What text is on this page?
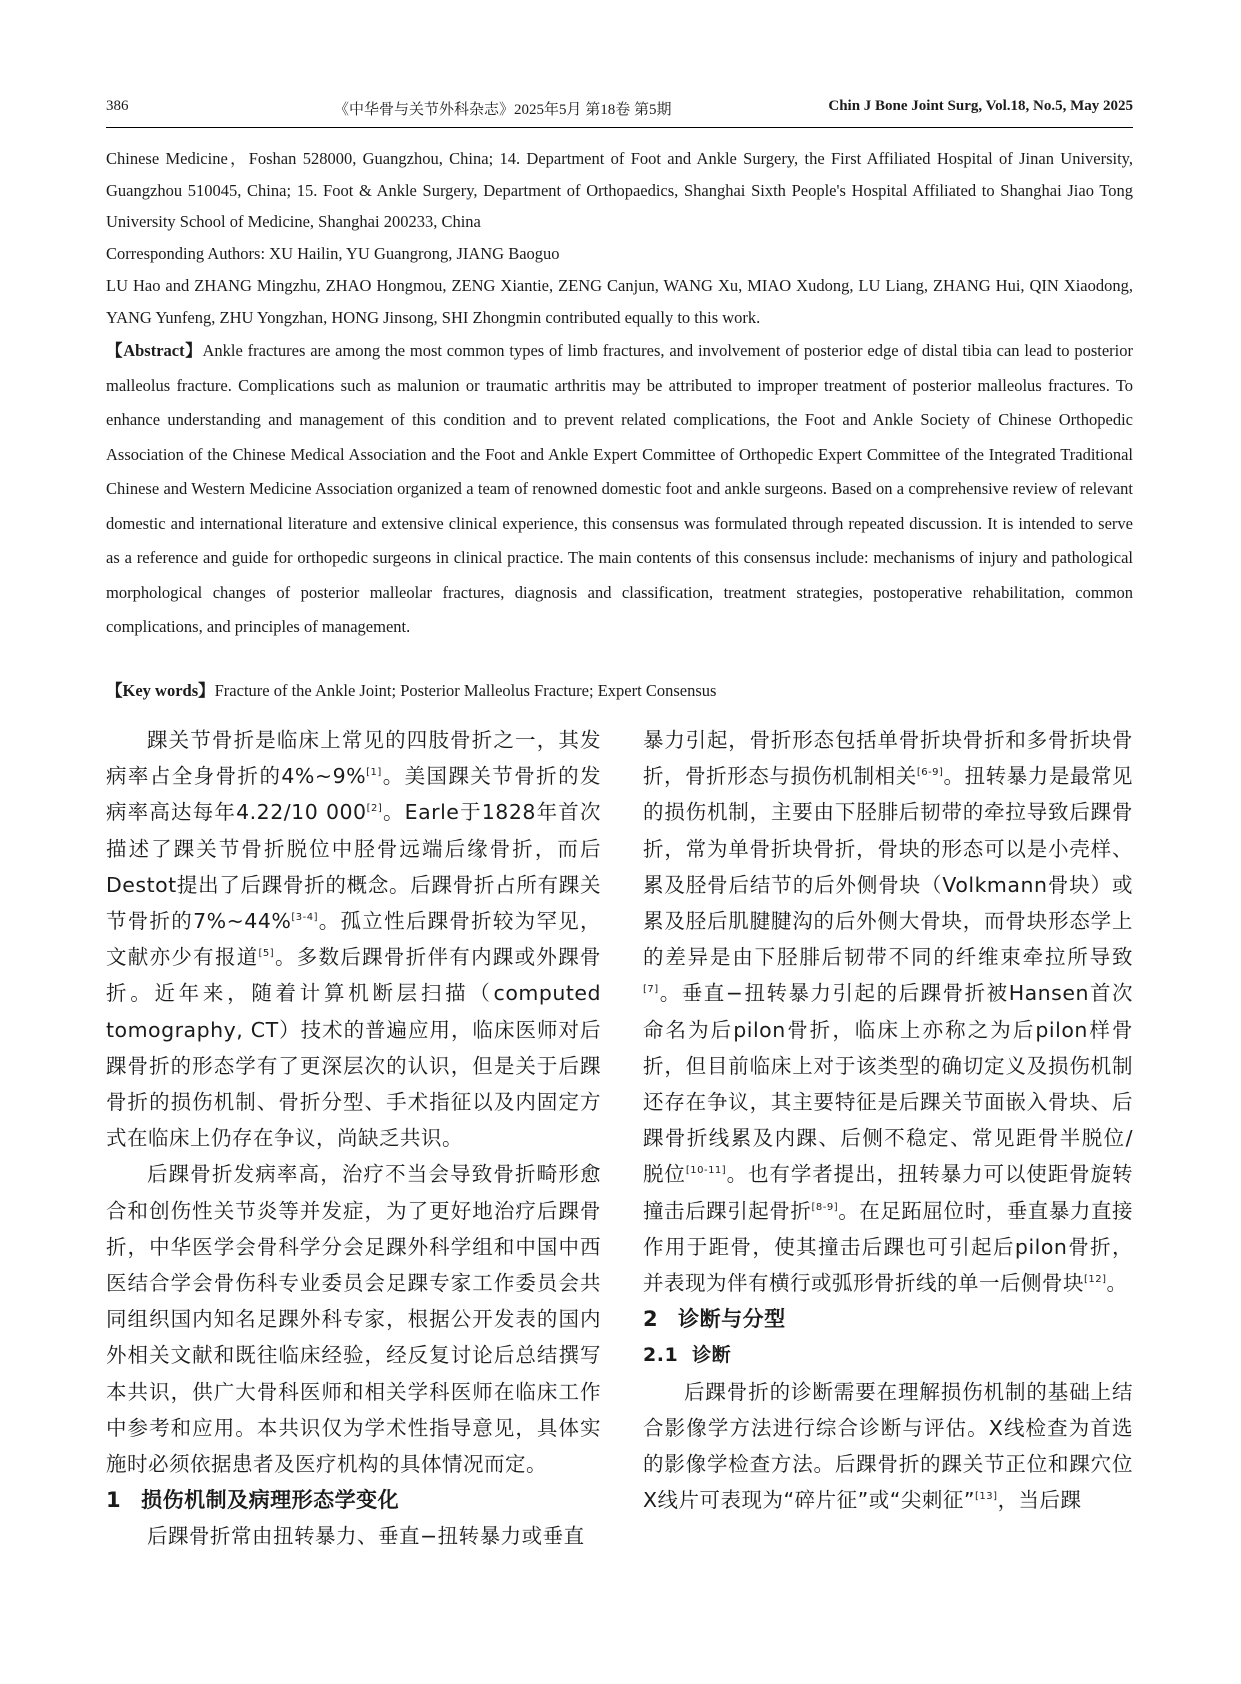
386	《中华骨与关节外科杂志》2025年5月 第18卷 第5期	Chin J Bone Joint Surg, Vol.18, No.5, May 2025
Chinese Medicine，Foshan 528000, Guangzhou, China; 14. Department of Foot and Ankle Surgery, the First Affiliated Hospital of Jinan University, Guangzhou 510045, China; 15. Foot & Ankle Surgery, Department of Orthopaedics, Shanghai Sixth People's Hospital Affiliated to Shanghai Jiao Tong University School of Medicine, Shanghai 200233, China
Corresponding Authors: XU Hailin, YU Guangrong, JIANG Baoguo
LU Hao and ZHANG Mingzhu, ZHAO Hongmou, ZENG Xiantie, ZENG Canjun, WANG Xu, MIAO Xudong, LU Liang, ZHANG Hui, QIN Xiaodong, YANG Yunfeng, ZHU Yongzhan, HONG Jinsong, SHI Zhongmin contributed equally to this work.
【Abstract】Ankle fractures are among the most common types of limb fractures, and involvement of posterior edge of distal tibia can lead to posterior malleolus fracture. Complications such as malunion or traumatic arthritis may be attributed to improper treatment of posterior malleolus fractures. To enhance understanding and management of this condition and to prevent related complications, the Foot and Ankle Society of Chinese Orthopedic Association of the Chinese Medical Association and the Foot and Ankle Expert Committee of Orthopedic Expert Committee of the Integrated Traditional Chinese and Western Medicine Association organized a team of renowned domestic foot and ankle surgeons. Based on a comprehensive review of relevant domestic and international literature and extensive clinical experience, this consensus was formulated through repeated discussion. It is intended to serve as a reference and guide for orthopedic surgeons in clinical practice. The main contents of this consensus include: mechanisms of injury and pathological morphological changes of posterior malleolar fractures, diagnosis and classification, treatment strategies, postoperative rehabilitation, common complications, and principles of management.
【Key words】Fracture of the Ankle Joint; Posterior Malleolus Fracture; Expert Consensus

踝关节骨折是临床上常见的四肢骨折之一，其发病率占全身骨折的4%~9%[1]。美国踝关节骨折的发病率高达每年4.22/10 000[2]。Earle于1828年首次描述了踝关节骨折脱位中胫骨远端后缘骨折，而后Destot提出了后踝骨折的概念。后踝骨折占所有踝关节骨折的7%~44%[3-4]。孤立性后踝骨折较为罕见，文献亦少有报道[5]。多数后踝骨折伴有内踝或外踝骨折。近年来，随着计算机断层扫描（computed tomography, CT）技术的普遍应用，临床医师对后踝骨折的形态学有了更深层次的认识，但是关于后踝骨折的损伤机制、骨折分型、手术指征以及内固定方式在临床上仍存在争议，尚缺乏共识。

后踝骨折发病率高，治疗不当会导致骨折畸形愈合和创伤性关节炎等并发症，为了更好地治疗后踝骨折，中华医学会骨科学分会足踝外科学组和中国中西医结合学会骨伤科专业委员会足踝专家工作委员会共同组织国内知名足踝外科专家，根据公开发表的国内外相关文献和既往临床经验，经反复讨论后总结撰写本共识，供广大骨科医师和相关学科医师在临床工作中参考和应用。本共识仅为学术性指导意见，具体实施时必须依据患者及医疗机构的具体情况而定。

1 损伤机制及病理形态学变化

后踝骨折常由扭转暴力、垂直−扭转暴力或垂直

暴力引起，骨折形态包括单骨折块骨折和多骨折块骨折，骨折形态与损伤机制相关[6-9]。扭转暴力是最常见的损伤机制，主要由下胫腓后韧带的牵拉导致后踝骨折，常为单骨折块骨折，骨块的形态可以是小壳样、累及胫骨后结节的后外侧骨块（Volkmann骨块）或累及胫后肌腱腱沟的后外侧大骨块，而骨块形态学上的差异是由下胫腓后韧带不同的纤维束牵拉所导致[7]。垂直−扭转暴力引起的后踝骨折被Hansen首次命名为后pilon骨折，临床上亦称之为后pilon样骨折，但目前临床上对于该类型的确切定义及损伤机制还存在争议，其主要特征是后踝关节面嵌入骨块、后踝骨折线累及内踝、后侧不稳定、常见距骨半脱位/脱位[10-11]。也有学者提出，扭转暴力可以使距骨旋转撞击后踝引起骨折[8-9]。在足跖屈位时，垂直暴力直接作用于距骨，使其撞击后踝也可引起后pilon骨折，并表现为伴有横行或弧形骨折线的单一后侧骨块[12]。

2 诊断与分型

2.1 诊断

后踝骨折的诊断需要在理解损伤机制的基础上结合影像学方法进行综合诊断与评估。X线检查为首选的影像学检查方法。后踝骨折的踝关节正位和踝穴位X线片可表现为“碎片征”或“尖刺征”[13]，当后踝
